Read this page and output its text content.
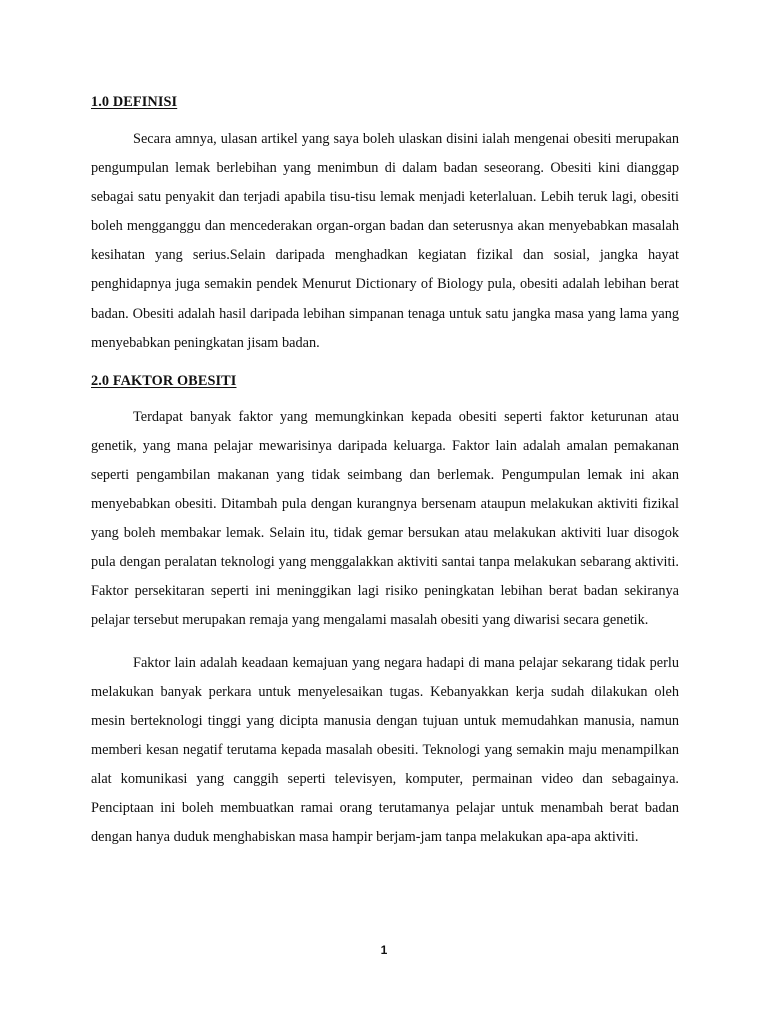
1.0 DEFINISI

Secara amnya, ulasan artikel yang saya boleh ulaskan disini ialah mengenai obesiti merupakan pengumpulan lemak berlebihan yang menimbun di dalam badan seseorang. Obesiti kini dianggap sebagai satu penyakit dan terjadi apabila tisu-tisu lemak menjadi keterlaluan. Lebih teruk lagi, obesiti boleh mengganggu dan mencederakan organ-organ badan dan seterusnya akan menyebabkan masalah kesihatan yang serius.Selain daripada menghadkan kegiatan fizikal dan sosial, jangka hayat penghidapnya juga semakin pendek Menurut Dictionary of Biology pula, obesiti adalah lebihan berat badan. Obesiti adalah hasil daripada lebihan simpanan tenaga untuk satu jangka masa yang lama yang menyebabkan peningkatan jisam badan.

2.0 FAKTOR OBESITI

Terdapat banyak faktor yang memungkinkan kepada obesiti seperti faktor keturunan atau genetik, yang mana pelajar mewarisinya daripada keluarga. Faktor lain adalah amalan pemakanan seperti pengambilan makanan yang tidak seimbang dan berlemak. Pengumpulan lemak ini akan menyebabkan obesiti. Ditambah pula dengan kurangnya bersenam ataupun melakukan aktiviti fizikal yang boleh membakar lemak. Selain itu, tidak gemar bersukan atau melakukan aktiviti luar disogok pula dengan peralatan teknologi yang menggalakkan aktiviti santai tanpa melakukan sebarang aktiviti. Faktor persekitaran seperti ini meninggikan lagi risiko peningkatan lebihan berat badan sekiranya pelajar tersebut merupakan remaja yang mengalami masalah obesiti yang diwarisi secara genetik.

Faktor lain adalah keadaan kemajuan yang negara hadapi di mana pelajar sekarang tidak perlu melakukan banyak perkara untuk menyelesaikan tugas. Kebanyakkan kerja sudah dilakukan oleh mesin berteknologi tinggi yang dicipta manusia dengan tujuan untuk memudahkan manusia, namun memberi kesan negatif terutama kepada masalah obesiti. Teknologi yang semakin maju menampilkan alat komunikasi yang canggih seperti televisyen, komputer, permainan video dan sebagainya. Penciptaan ini boleh membuatkan ramai orang terutamanya pelajar untuk menambah berat badan dengan hanya duduk menghabiskan masa hampir berjam-jam tanpa melakukan apa-apa aktiviti.

1
